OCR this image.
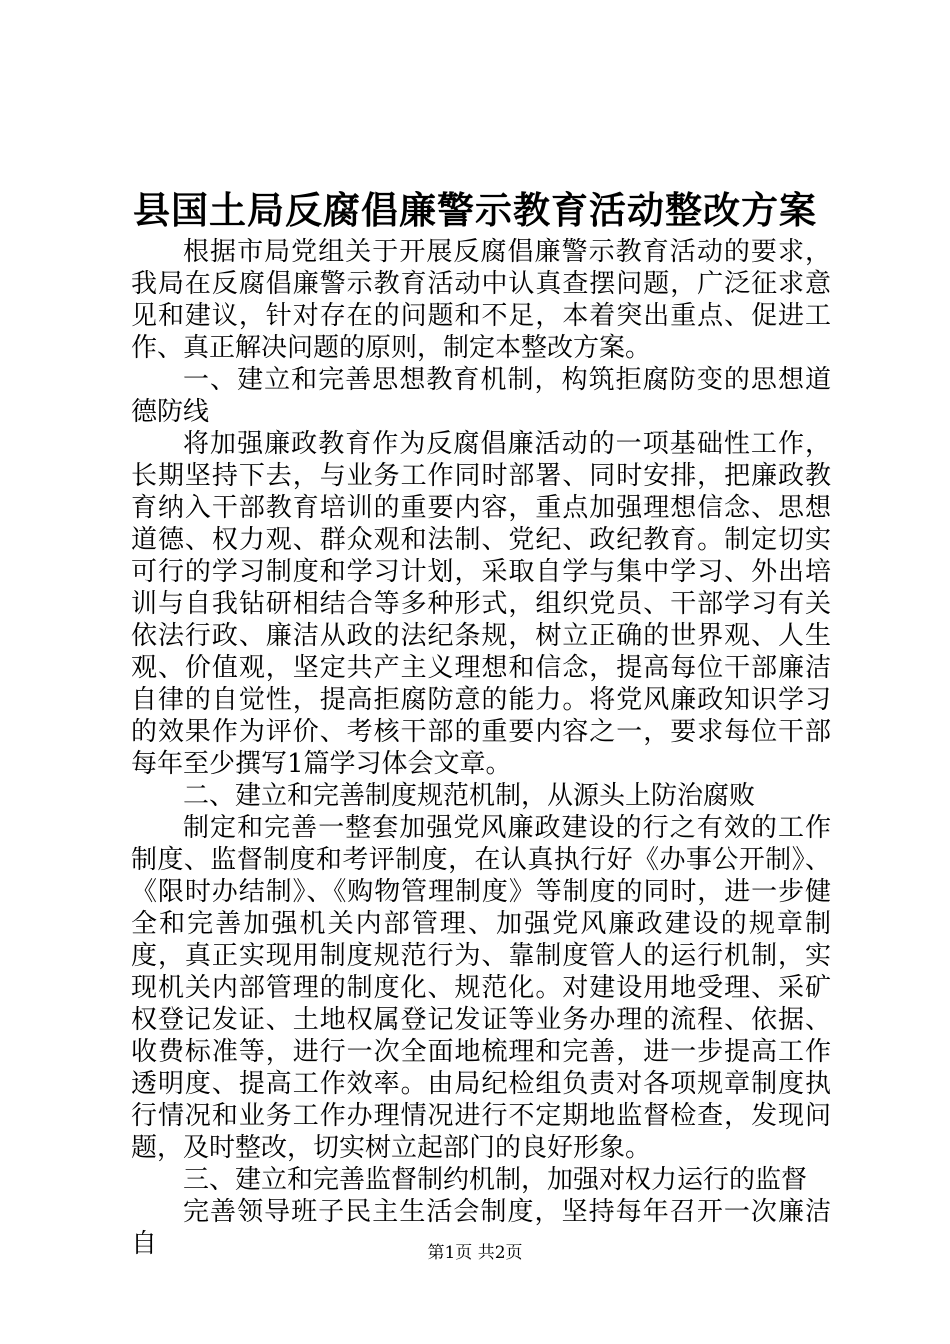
县国土局反腐倡廉警示教育活动整改方案

根据市局党组关于开展反腐倡廉警示教育活动的要求，我局在反腐倡廉警示教育活动中认真查摆问题，广泛征求意见和建议，针对存在的问题和不足，本着突出重点、促进工作、真正解决问题的原则，制定本整改方案。

一、建立和完善思想教育机制，构筑拒腐防变的思想道德防线

将加强廉政教育作为反腐倡廉活动的一项基础性工作，长期坚持下去，与业务工作同时部署、同时安排，把廉政教育纳入干部教育培训的重要内容，重点加强理想信念、思想道德、权力观、群众观和法制、党纪、政纪教育。制定切实可行的学习制度和学习计划，采取自学与集中学习、外出培训与自我钻研相结合等多种形式，组织党员、干部学习有关依法行政、廉洁从政的法纪条规，树立正确的世界观、人生观、价值观，坚定共产主义理想和信念，提高每位干部廉洁自律的自觉性，提高拒腐防意的能力。将党风廉政知识学习的效果作为评价、考核干部的重要内容之一，要求每位干部每年至少撰写1篇学习体会文章。

二、建立和完善制度规范机制，从源头上防治腐败

制定和完善一整套加强党风廉政建设的行之有效的工作制度、监督制度和考评制度，在认真执行好《办事公开制》、《限时办结制》、《购物管理制度》等制度的同时，进一步健全和完善加强机关内部管理、加强党风廉政建设的规章制度，真正实现用制度规范行为、靠制度管人的运行机制，实现机关内部管理的制度化、规范化。对建设用地受理、采矿权登记发证、土地权属登记发证等业务办理的流程、依据、收费标准等，进行一次全面地梳理和完善，进一步提高工作透明度、提高工作效率。由局纪检组负责对各项规章制度执行情况和业务工作办理情况进行不定期地监督检查，发现问题，及时整改，切实树立起部门的良好形象。

三、建立和完善监督制约机制，加强对权力运行的监督

完善领导班子民主生活会制度，坚持每年召开一次廉洁自	第1页 共2页
